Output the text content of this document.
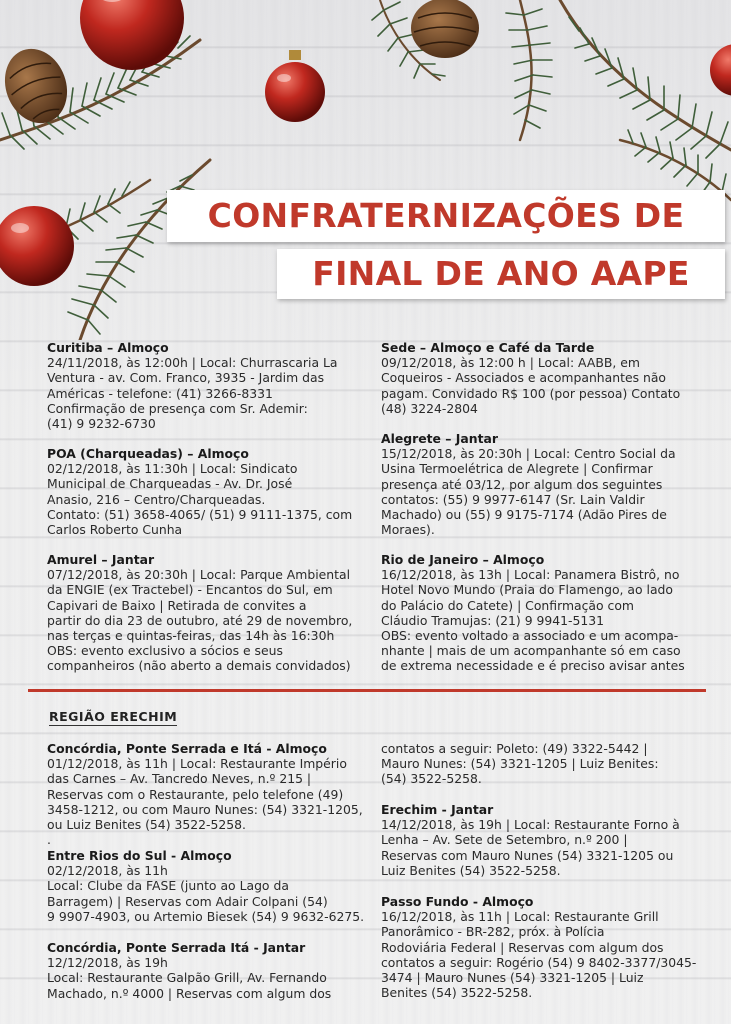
CONFRATERNIZAÇÕES DE
FINAL DE ANO AAPE
Curitiba – Almoço
24/11/2018, às 12:00h | Local: Churrascaria La
Ventura - av. Com. Franco, 3935 - Jardim das
Américas - telefone: (41) 3266-8331
Confirmação de presença com Sr. Ademir:
(41) 9 9232-6730
POA (Charqueadas) – Almoço
02/12/2018, às 11:30h | Local: Sindicato
Municipal de Charqueadas - Av. Dr. José
Anasio, 216 – Centro/Charqueadas.
Contato: (51) 3658-4065/ (51) 9 9111-1375, com
Carlos Roberto Cunha
Amurel – Jantar
07/12/2018, às 20:30h | Local: Parque Ambiental
da ENGIE (ex Tractebel) - Encantos do Sul, em
Capivari de Baixo | Retirada de convites a
partir do dia 23 de outubro, até 29 de novembro,
nas terças e quintas-feiras, das 14h às 16:30h
OBS: evento exclusivo a sócios e seus
companheiros (não aberto a demais convidados)
Sede – Almoço e Café da Tarde
09/12/2018, às 12:00 h | Local: AABB, em
Coqueiros - Associados e acompanhantes não
pagam. Convidado R$ 100 (por pessoa) Contato
(48) 3224-2804
Alegrete – Jantar
15/12/2018, às 20:30h | Local: Centro Social da
Usina Termoelétrica de Alegrete | Confirmar
presença até 03/12, por algum dos seguintes
contatos: (55) 9 9977-6147 (Sr. Lain Valdir
Machado) ou (55) 9 9175-7174 (Adão Pires de
Moraes).
Rio de Janeiro – Almoço
16/12/2018, às 13h | Local: Panamera Bistrô, no
Hotel Novo Mundo (Praia do Flamengo, ao lado
do Palácio do Catete) | Confirmação com
Cláudio Tramujas: (21) 9 9941-5131
OBS: evento voltado a associado e um acompa-
nhante | mais de um acompanhante só em caso
de extrema necessidade e é preciso avisar antes
REGIÃO ERECHIM
Concórdia, Ponte Serrada e Itá - Almoço
01/12/2018, às 11h | Local: Restaurante Império
das Carnes – Av. Tancredo Neves, n.º 215 |
Reservas com o Restaurante, pelo telefone (49)
3458-1212, ou com Mauro Nunes: (54) 3321-1205,
ou Luiz Benites (54) 3522-5258.
.
Entre Rios do Sul - Almoço
02/12/2018, às 11h
Local: Clube da FASE (junto ao Lago da
Barragem) | Reservas com Adair Colpani (54)
9 9907-4903, ou Artemio Biesek (54) 9 9632-6275.
Concórdia, Ponte Serrada Itá - Jantar
12/12/2018, às 19h
Local: Restaurante Galpão Grill, Av. Fernando
Machado, n.º 4000 | Reservas com algum dos
contatos a seguir: Poleto: (49) 3322-5442 |
Mauro Nunes: (54) 3321-1205 | Luiz Benites:
(54) 3522-5258.
Erechim - Jantar
14/12/2018, às 19h | Local: Restaurante Forno à
Lenha – Av. Sete de Setembro, n.º 200 |
Reservas com Mauro Nunes (54) 3321-1205 ou
Luiz Benites (54) 3522-5258.
Passo Fundo - Almoço
16/12/2018, às 11h | Local: Restaurante Grill
Panorâmico - BR-282, próx. à Polícia
Rodoviária Federal | Reservas com algum dos
contatos a seguir: Rogério (54) 9 8402-3377/3045-
3474 | Mauro Nunes (54) 3321-1205 | Luiz
Benites (54) 3522-5258.
